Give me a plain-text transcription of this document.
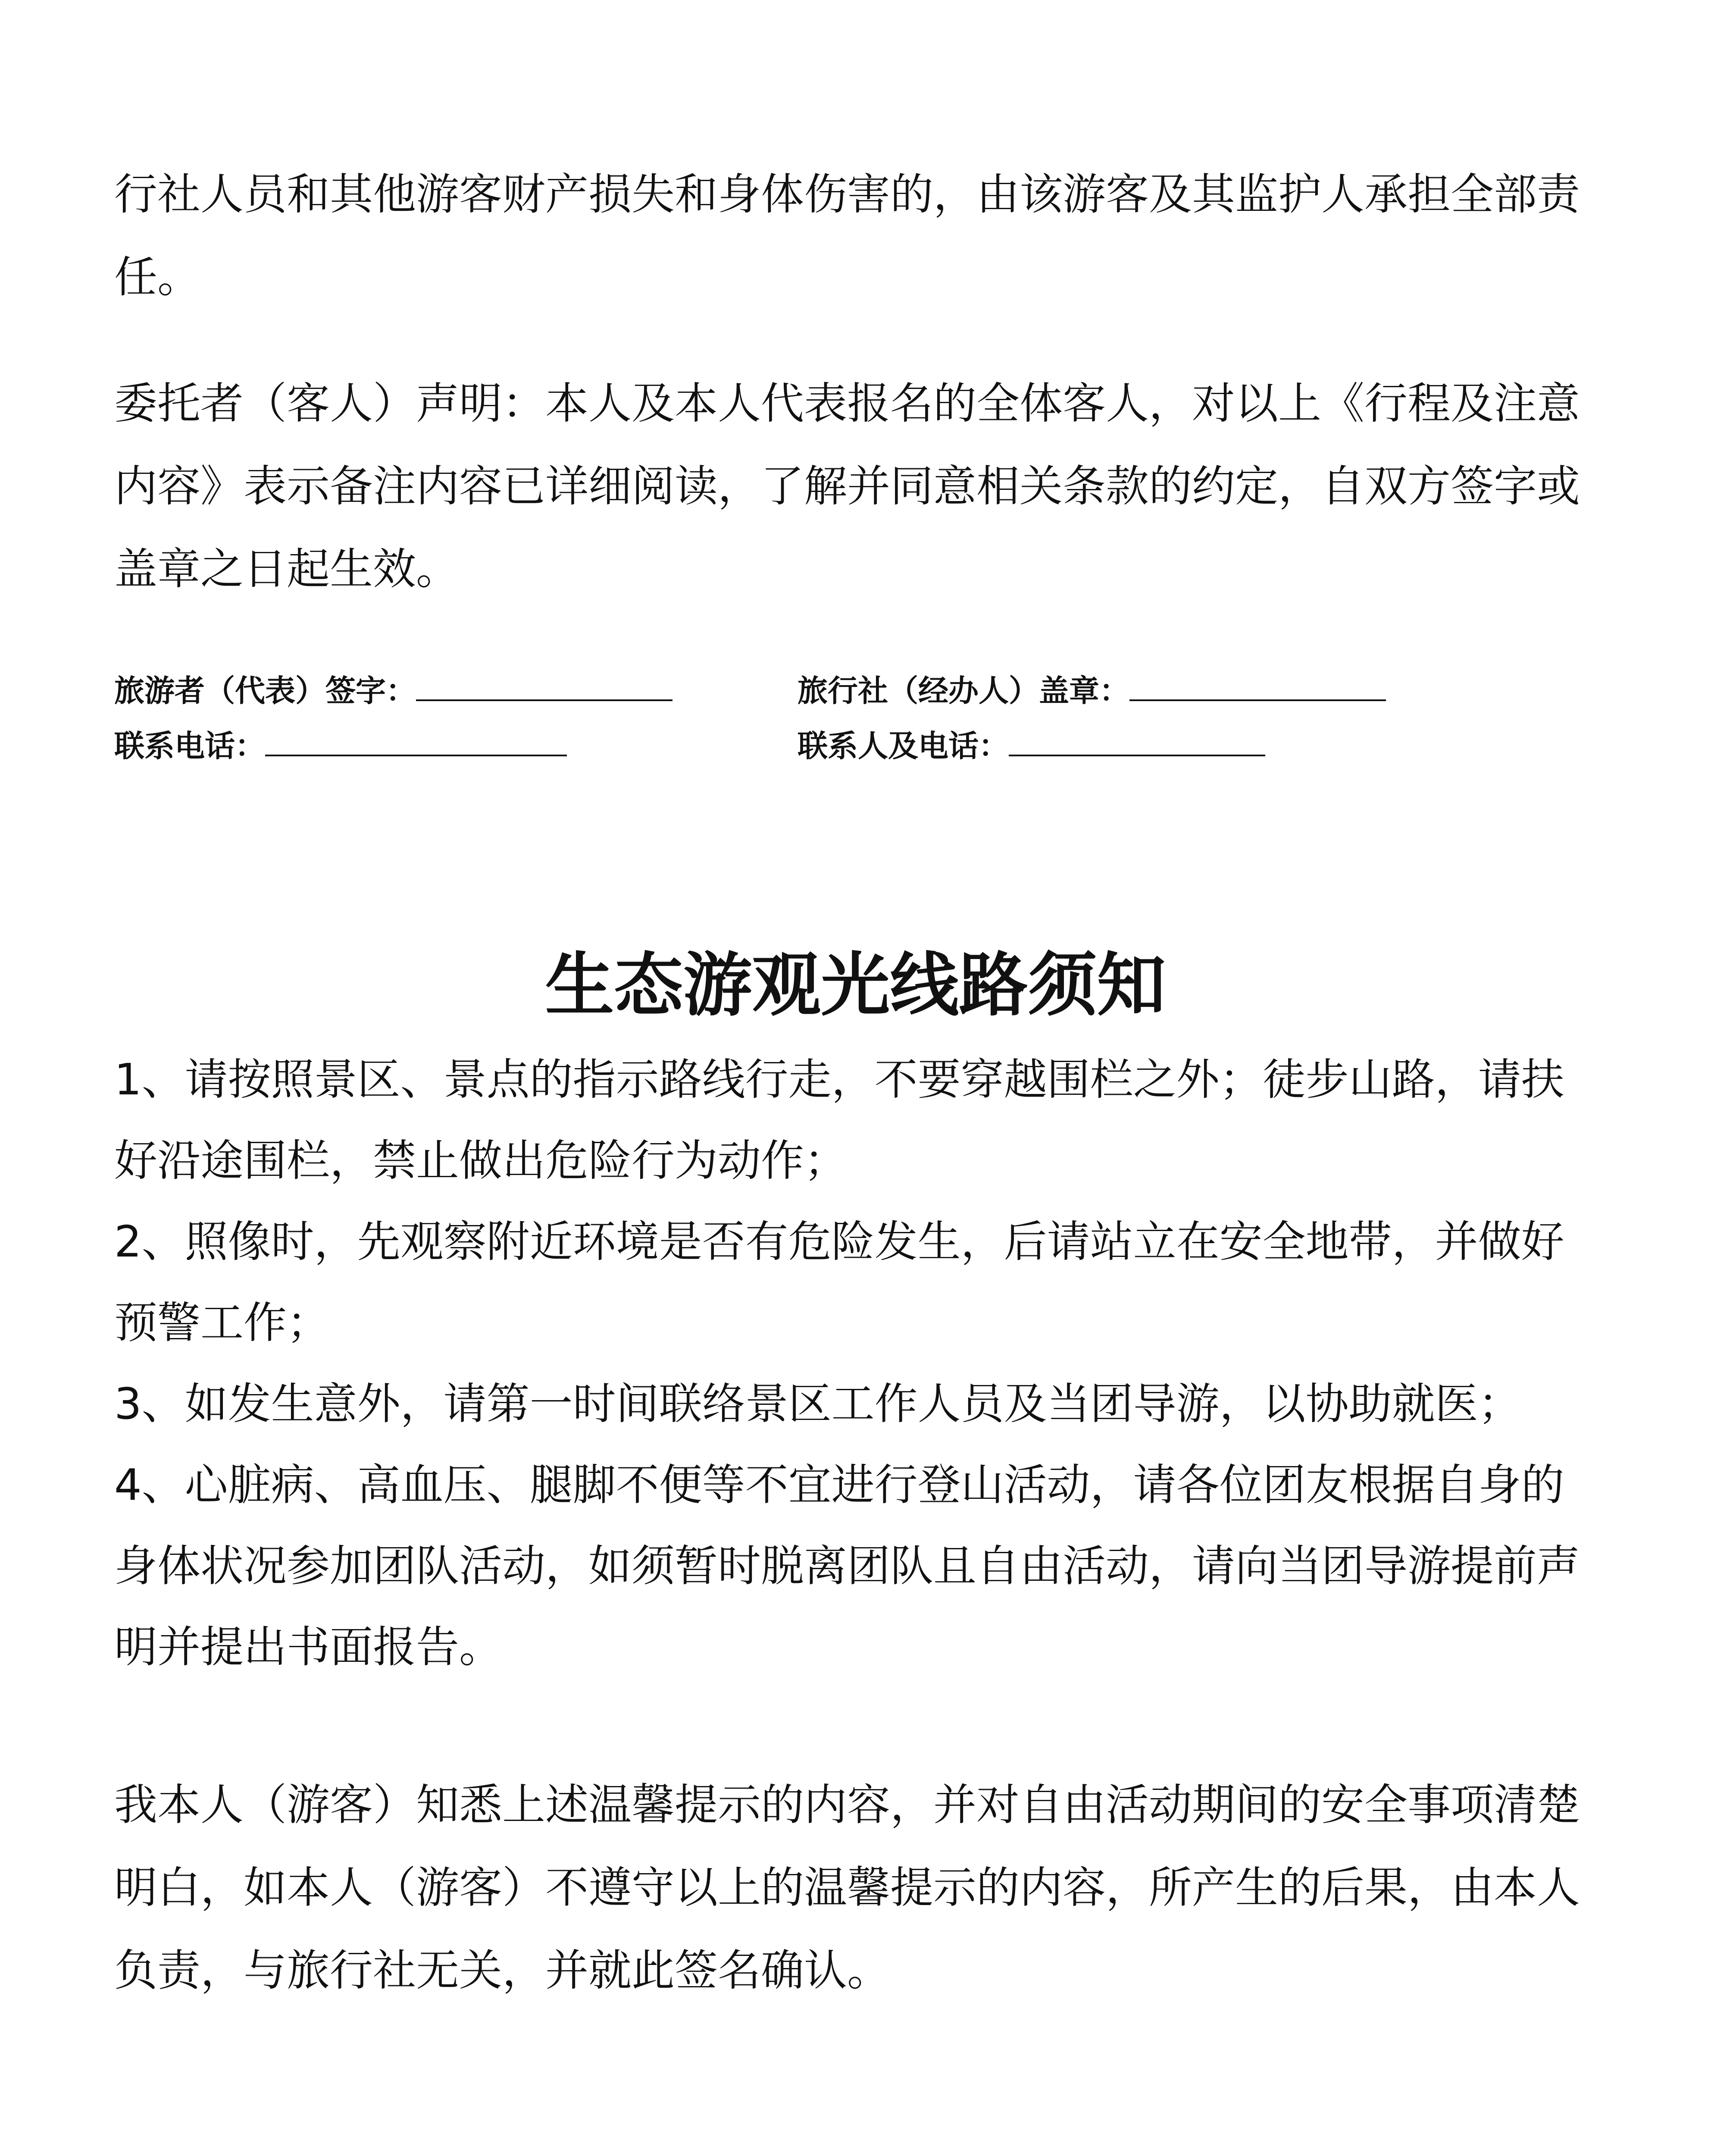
行社人员和其他游客财产损失和身体伤害的，由该游客及其监护人承担全部责任。

委托者（客人）声明：本人及本人代表报名的全体客人，对以上《行程及注意内容》表示备注内容已详细阅读，了解并同意相关条款的约定，自双方签字或盖章之日起生效。

旅游者（代表）签字：	旅行社（经办人）盖章：
联系电话：	联系人及电话：
生态游观光线路须知
1、请按照景区、景点的指示路线行走，不要穿越围栏之外；徒步山路，请扶好沿途围栏，禁止做出危险行为动作；
2、照像时，先观察附近环境是否有危险发生，后请站立在安全地带，并做好预警工作；
3、如发生意外，请第一时间联络景区工作人员及当团导游，以协助就医；
4、心脏病、高血压、腿脚不便等不宜进行登山活动，请各位团友根据自身的身体状况参加团队活动，如须暂时脱离团队且自由活动，请向当团导游提前声明并提出书面报告。

我本人（游客）知悉上述温馨提示的内容，并对自由活动期间的安全事项清楚明白，如本人（游客）不遵守以上的温馨提示的内容，所产生的后果，由本人负责，与旅行社无关，并就此签名确认。
